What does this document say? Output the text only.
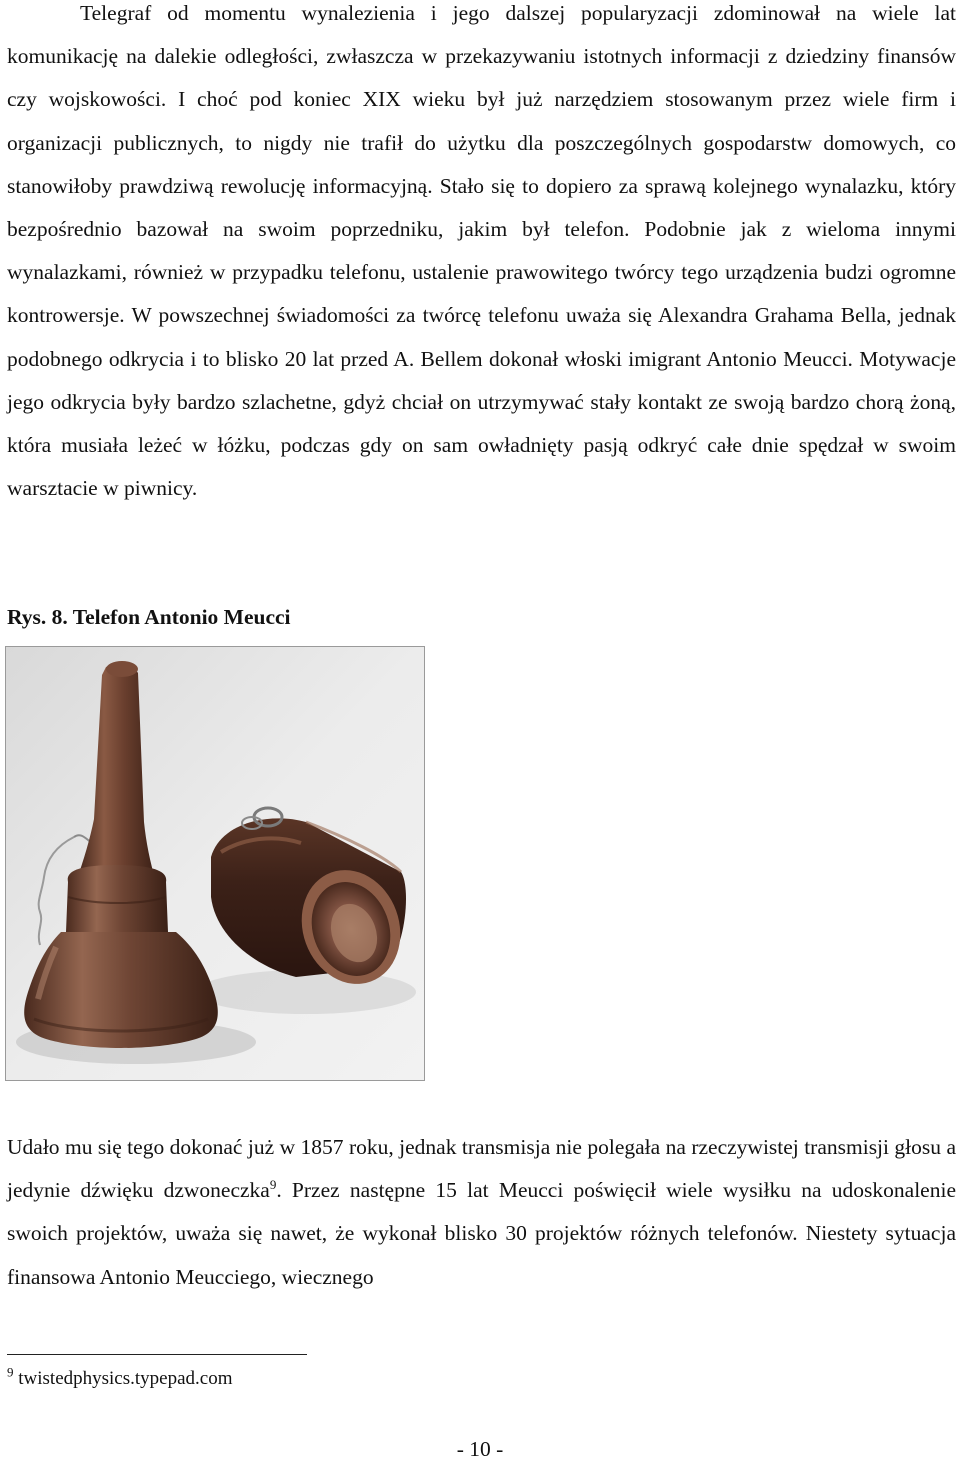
Telegraf od momentu wynalezienia i jego dalszej popularyzacji zdominował na wiele lat komunikację na dalekie odległości, zwłaszcza w przekazywaniu istotnych informacji z dziedziny finansów czy wojskowości. I choć pod koniec XIX wieku był już narzędziem stosowanym przez wiele firm i organizacji publicznych, to nigdy nie trafił do użytku dla poszczególnych gospodarstw domowych, co stanowiłoby prawdziwą rewolucję informacyjną. Stało się to dopiero za sprawą kolejnego wynalazku, który bezpośrednio bazował na swoim poprzedniku, jakim był telefon. Podobnie jak z wieloma innymi wynalazkami, również w przypadku telefonu, ustalenie prawowitego twórcy tego urządzenia budzi ogromne kontrowersje. W powszechnej świadomości za twórcę telefonu uważa się Alexandra Grahama Bella, jednak podobnego odkrycia i to blisko 20 lat przed A. Bellem dokonał włoski imigrant Antonio Meucci. Motywacje jego odkrycia były bardzo szlachetne, gdyż chciał on utrzymywać stały kontakt ze swoją bardzo chorą żoną, która musiała leżeć w łóżku, podczas gdy on sam owładnięty pasją odkryć całe dnie spędzał w swoim warsztacie w piwnicy.

Rys. 8. Telefon Antonio Meucci

Udało mu się tego dokonać już w 1857 roku, jednak transmisja nie polegała na rzeczywistej transmisji głosu a jedynie dźwięku dzwoneczka$^9$. Przez następne 15 lat Meucci poświęcił wiele wysiłku na udoskonalenie swoich projektów, uważa się nawet, że wykonał blisko 30 projektów różnych telefonów. Niestety sytuacja finansowa Antonio Meucciego, wiecznego

$^9$ twistedphysics.typepad.com

- 10 -
